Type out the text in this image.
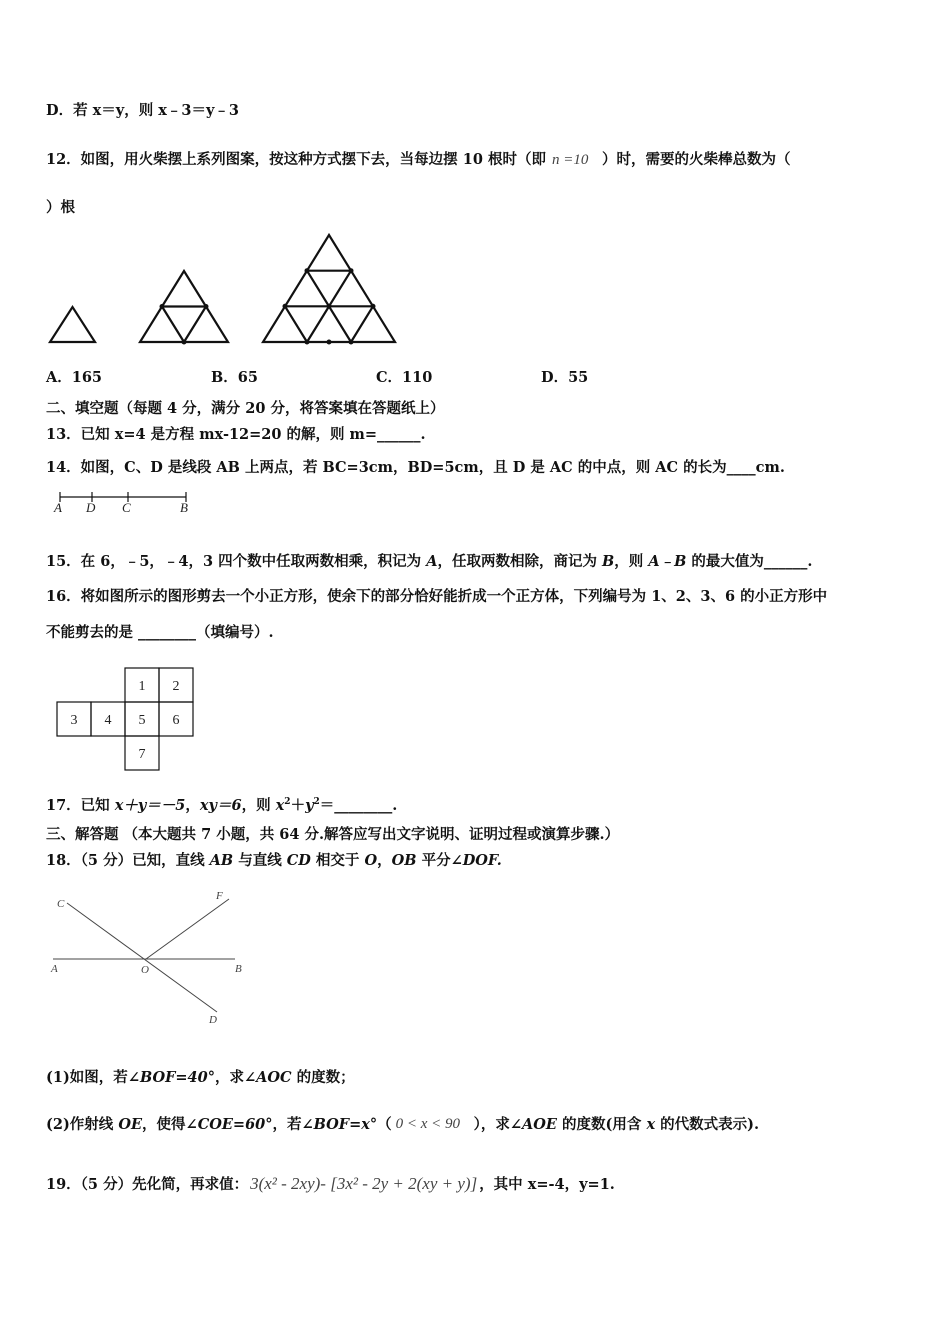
D．若 x＝y，则 x﹣3＝y﹣3
12．如图，用火柴摆上系列图案，按这种方式摆下去，当每边摆 10 根时（即 n =10 ）时，需要的火柴棒总数为（
）根
A．165	B．65	C．110	D．55
二、填空题（每题 4 分，满分 20 分，将答案填在答题纸上）
13．已知 x=4 是方程 mx-12=20 的解，则 m=______.
14．如图，C、D 是线段 AB 上两点，若 BC=3cm，BD=5cm，且 D 是 AC 的中点，则 AC 的长为____cm.
A D C	B
15．在 6，﹣5，﹣4，3 四个数中任取两数相乘，积记为 A，任取两数相除，商记为 B，则 A﹣B 的最大值为______.
16．将如图所示的图形剪去一个小正方形，使余下的部分恰好能折成一个正方体，下列编号为 1、2、3、6 的小正方形中
不能剪去的是 ________（填编号）.
1 2
3 4 5 6
7
17．已知 x＋y＝－5，xy＝6，则 $x^2+y^2=\_\_\_\_\_\_\_\_$.
三、解答题 （本大题共 7 小题，共 64 分.解答应写出文字说明、证明过程或演算步骤.）
18．（5 分）已知，直线 AB 与直线 CD 相交于 O，OB 平分∠DOF.
C
F
A	O	B
D
(1)如图，若∠BOF=40°，求∠AOC 的度数；
(2)作射线 OE，使得∠COE=60°，若∠BOF=x°（ 0 < x < 90 ），求∠AOE 的度数(用含 x 的代数式表示).
19．（5 分）先化简，再求值： 3(x² - 2xy)- [3x² - 2y + 2(xy + y)] ，其中 x=-4，y=1.
